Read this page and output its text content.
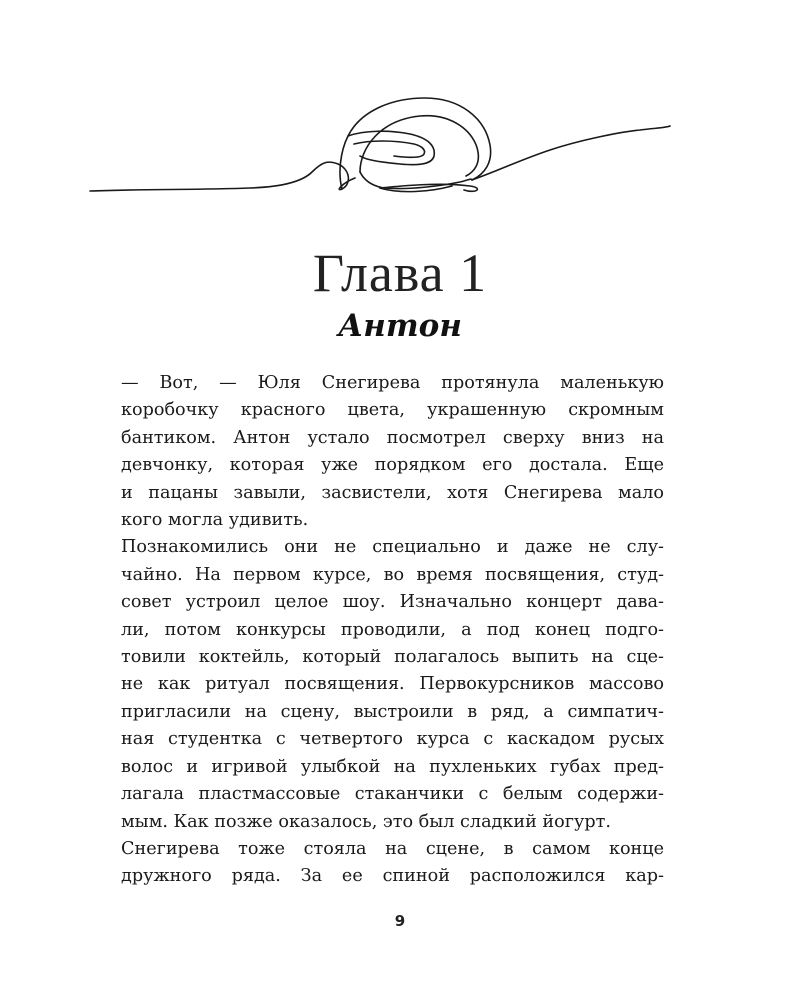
Глава 1
Антон

— Вот, — Юля Снегирева протянула маленькую
коробочку красного цвета, украшенную скромным
бантиком. Антон устало посмотрел сверху вниз на
девчонку, которая уже порядком его достала. Еще
и пацаны завыли, засвистели, хотя Снегирева мало
кого могла удивить.

Познакомились они не специально и даже не слу-
чайно. На первом курсе, во время посвящения, студ-
совет устроил целое шоу. Изначально концерт дава-
ли, потом конкурсы проводили, а под конец подго-
товили коктейль, который полагалось выпить на сце-
не как ритуал посвящения. Первокурсников массово
пригласили на сцену, выстроили в ряд, а симпатич-
ная студентка с четвертого курса с каскадом русых
волос и игривой улыбкой на пухленьких губах пред-
лагала пластмассовые стаканчики с белым содержи-
мым. Как позже оказалось, это был сладкий йогурт.

Снегирева тоже стояла на сцене, в самом конце
дружного ряда. За ее спиной расположился кар-

9
